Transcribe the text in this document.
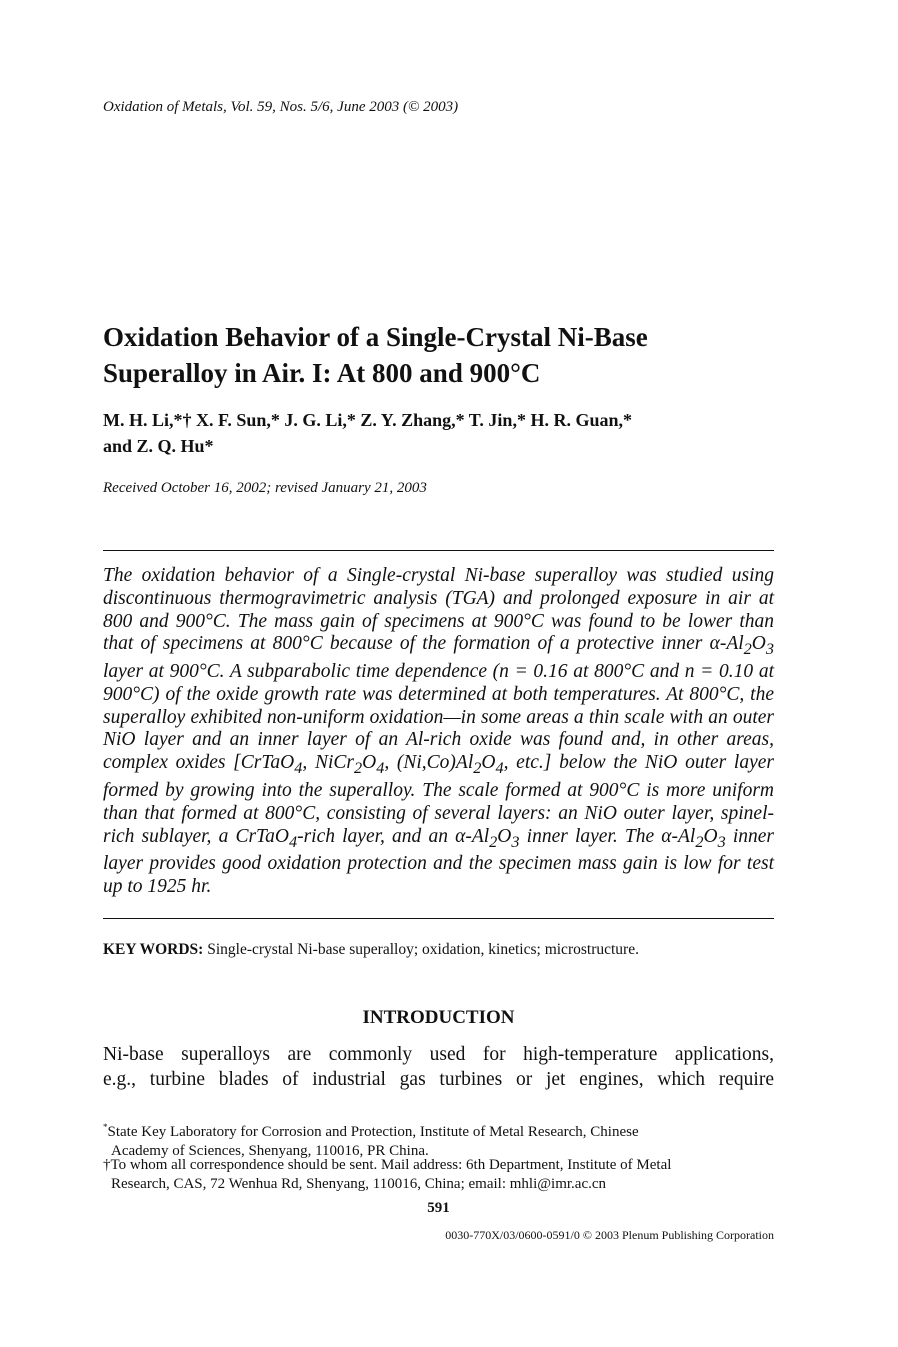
Oxidation of Metals, Vol. 59, Nos. 5/6, June 2003 (© 2003)
Oxidation Behavior of a Single-Crystal Ni-Base
Superalloy in Air. I: At 800 and 900°C
M. H. Li,*† X. F. Sun,* J. G. Li,* Z. Y. Zhang,* T. Jin,* H. R. Guan,*
and Z. Q. Hu*
Received October 16, 2002; revised January 21, 2003
The oxidation behavior of a Single-crystal Ni-base superalloy was studied using discontinuous thermogravimetric analysis (TGA) and prolonged exposure in air at 800 and 900°C. The mass gain of specimens at 900°C was found to be lower than that of specimens at 800°C because of the formation of a protective inner $\alpha-Al_2O_3$ layer at 900°C. A subparabolic time dependence (n = 0.16 at 800°C and n = 0.10 at 900°C) of the oxide growth rate was determined at both temperatures. At 800°C, the superalloy exhibited non-uniform oxidation—in some areas a thin scale with an outer NiO layer and an inner layer of an Al-rich oxide was found and, in other areas, complex oxides [CrTaO$_4$, $NiCr_2O_4$, $(Ni,Co)Al_2O_4$, etc.] below the NiO outer layer formed by growing into the superalloy. The scale formed at 900°C is more uniform than that formed at 800°C, consisting of several layers: an NiO outer layer, spinel-rich sublayer, a CrTaO$_4$-rich layer, and an $\alpha-Al_2O_3$ inner layer. The $\alpha-Al_2O_3$ inner layer provides good oxidation protection and the specimen mass gain is low for test up to 1925 hr.
KEY WORDS: Single-crystal Ni-base superalloy; oxidation, kinetics; microstructure.
INTRODUCTION
Ni-base superalloys are commonly used for high-temperature applications,
e.g., turbine blades of industrial gas turbines or jet engines, which require
*State Key Laboratory for Corrosion and Protection, Institute of Metal Research, Chinese
Academy of Sciences, Shenyang, 110016, PR China.
†To whom all correspondence should be sent. Mail address: 6th Department, Institute of Metal
Research, CAS, 72 Wenhua Rd, Shenyang, 110016, China; email: mhli@imr.ac.cn
591
0030-770X/03/0600-0591/0 © 2003 Plenum Publishing Corporation
